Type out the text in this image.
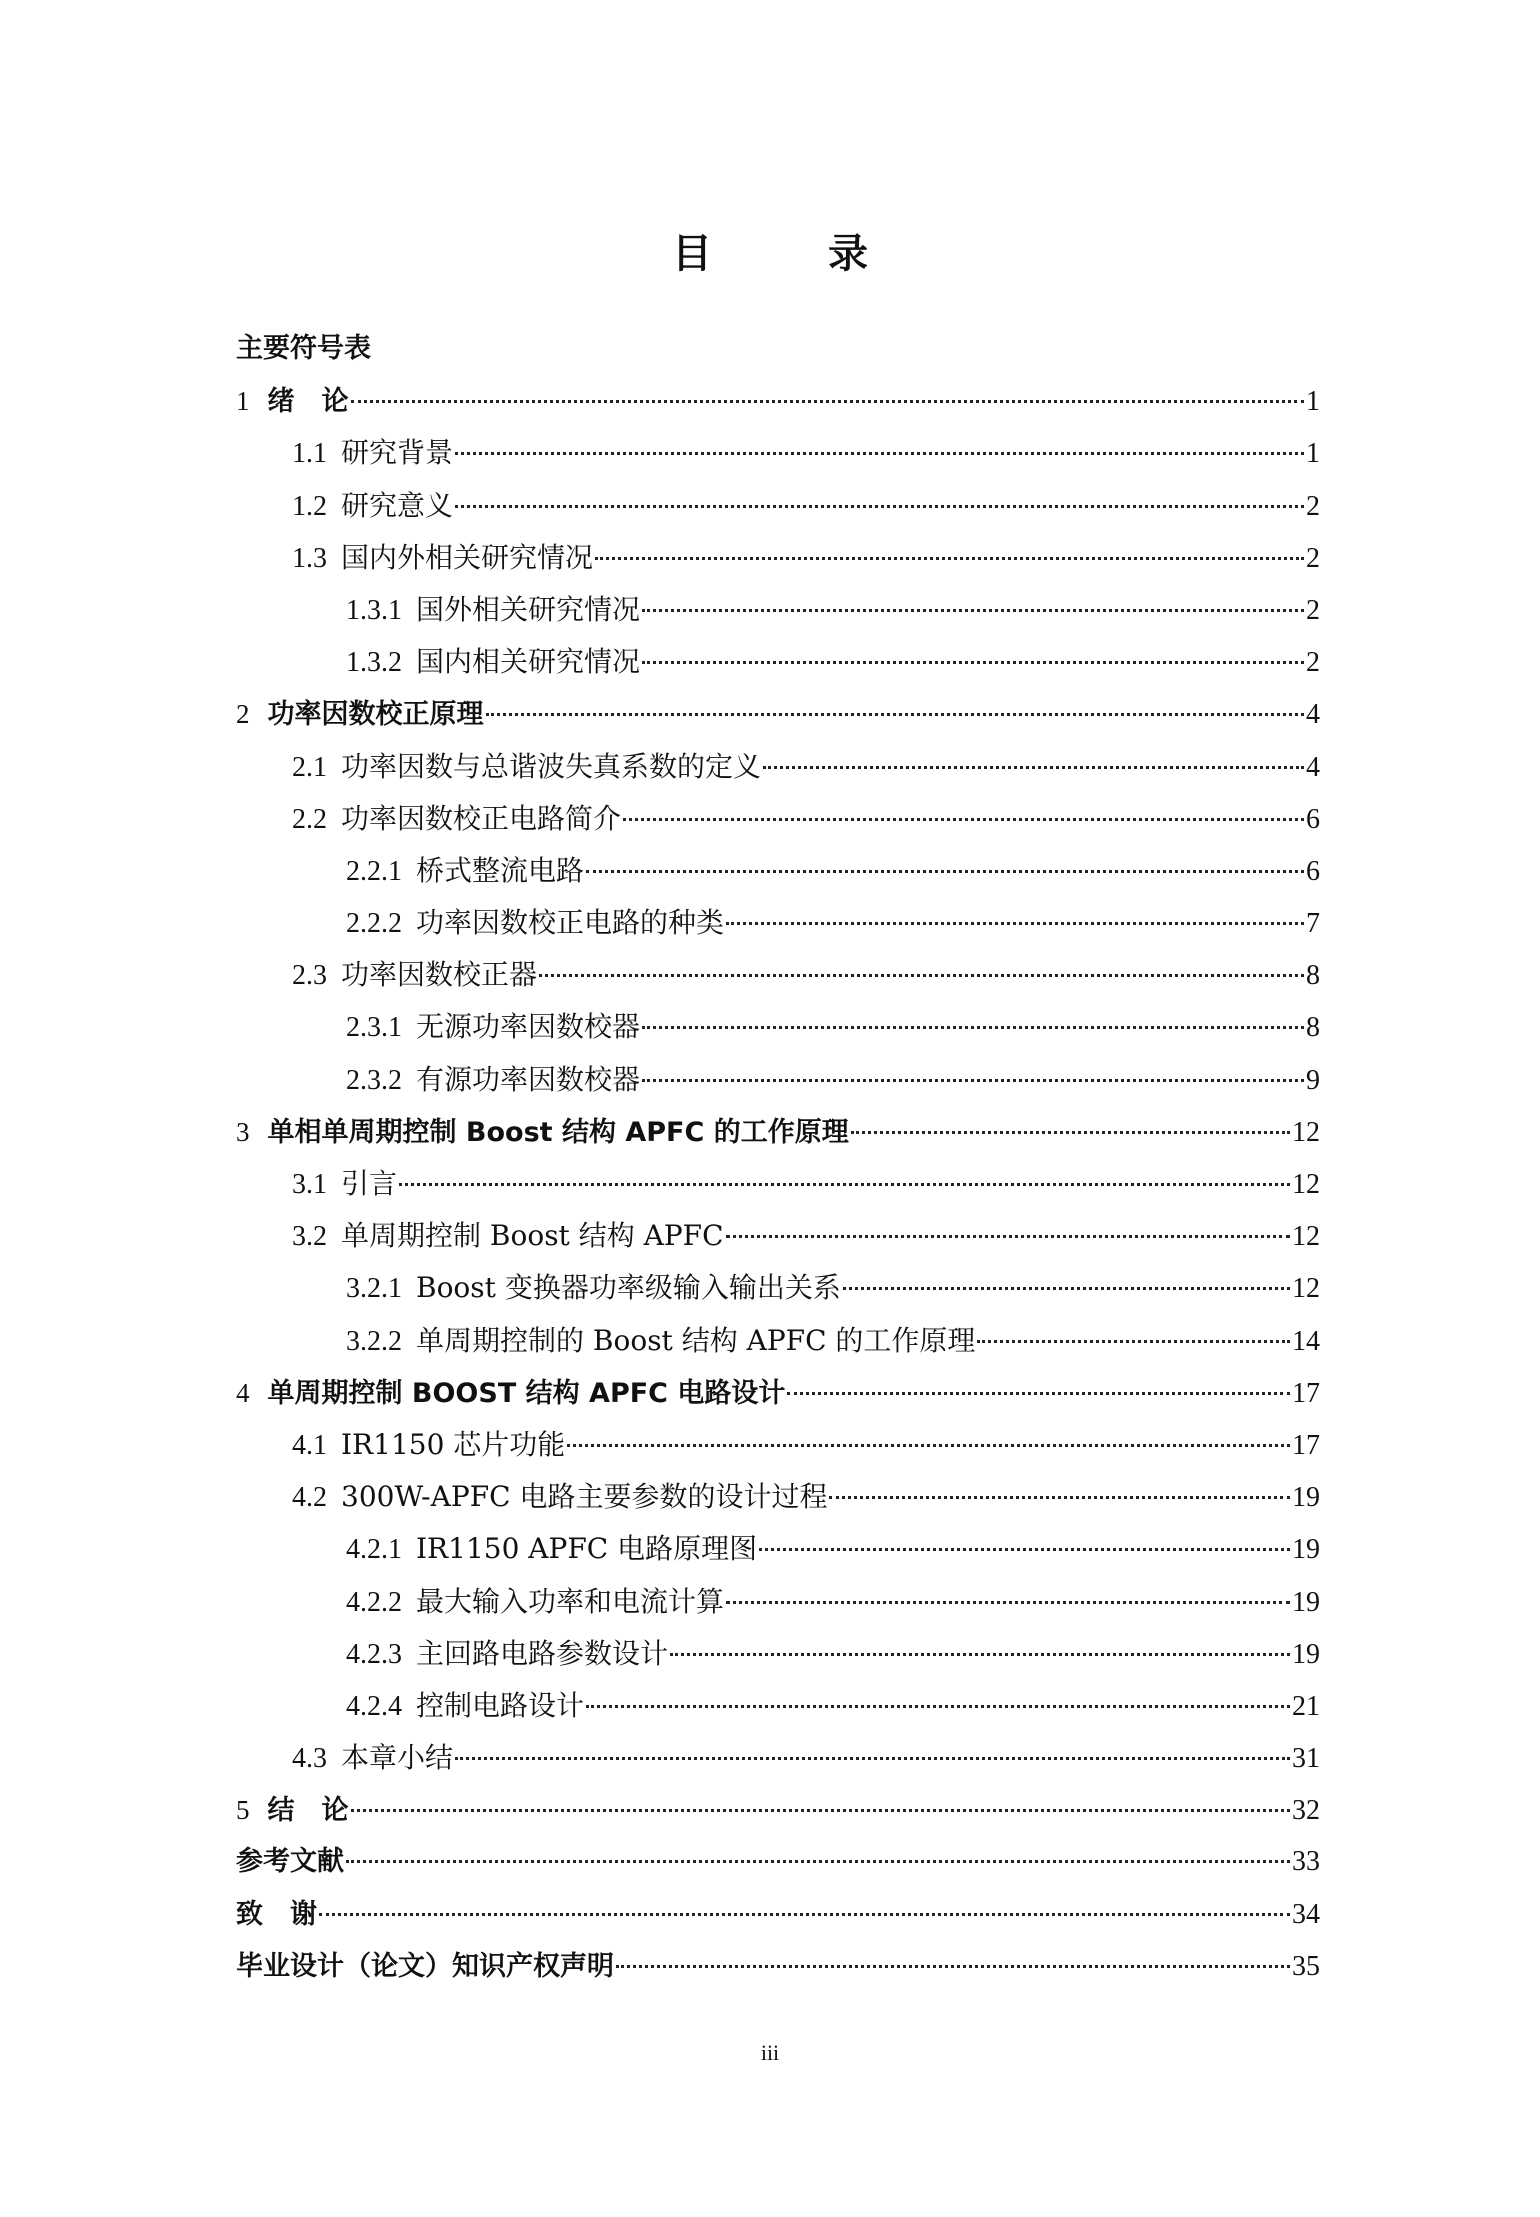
目　录
主要符号表
1 绪　论	1
1.1 研究背景	1
1.2 研究意义	2
1.3 国内外相关研究情况	2
1.3.1 国外相关研究情况	2
1.3.2 国内相关研究情况	2
2 功率因数校正原理	4
2.1 功率因数与总谐波失真系数的定义	4
2.2 功率因数校正电路简介	6
2.2.1 桥式整流电路	6
2.2.2 功率因数校正电路的种类	7
2.3 功率因数校正器	8
2.3.1 无源功率因数校器	8
2.3.2 有源功率因数校器	9
3 单相单周期控制 Boost 结构 APFC 的工作原理	12
3.1 引言	12
3.2 单周期控制 Boost 结构 APFC	12
3.2.1 Boost 变换器功率级输入输出关系	12
3.2.2 单周期控制的 Boost 结构 APFC 的工作原理	14
4 单周期控制 BOOST 结构 APFC 电路设计	17
4.1 IR1150 芯片功能	17
4.2 300W-APFC 电路主要参数的设计过程	19
4.2.1 IR1150 APFC 电路原理图	19
4.2.2 最大输入功率和电流计算	19
4.2.3 主回路电路参数设计	19
4.2.4 控制电路设计	21
4.3 本章小结	31
5 结　论	32
参考文献	33
致　谢	34
毕业设计（论文）知识产权声明	35
iii
